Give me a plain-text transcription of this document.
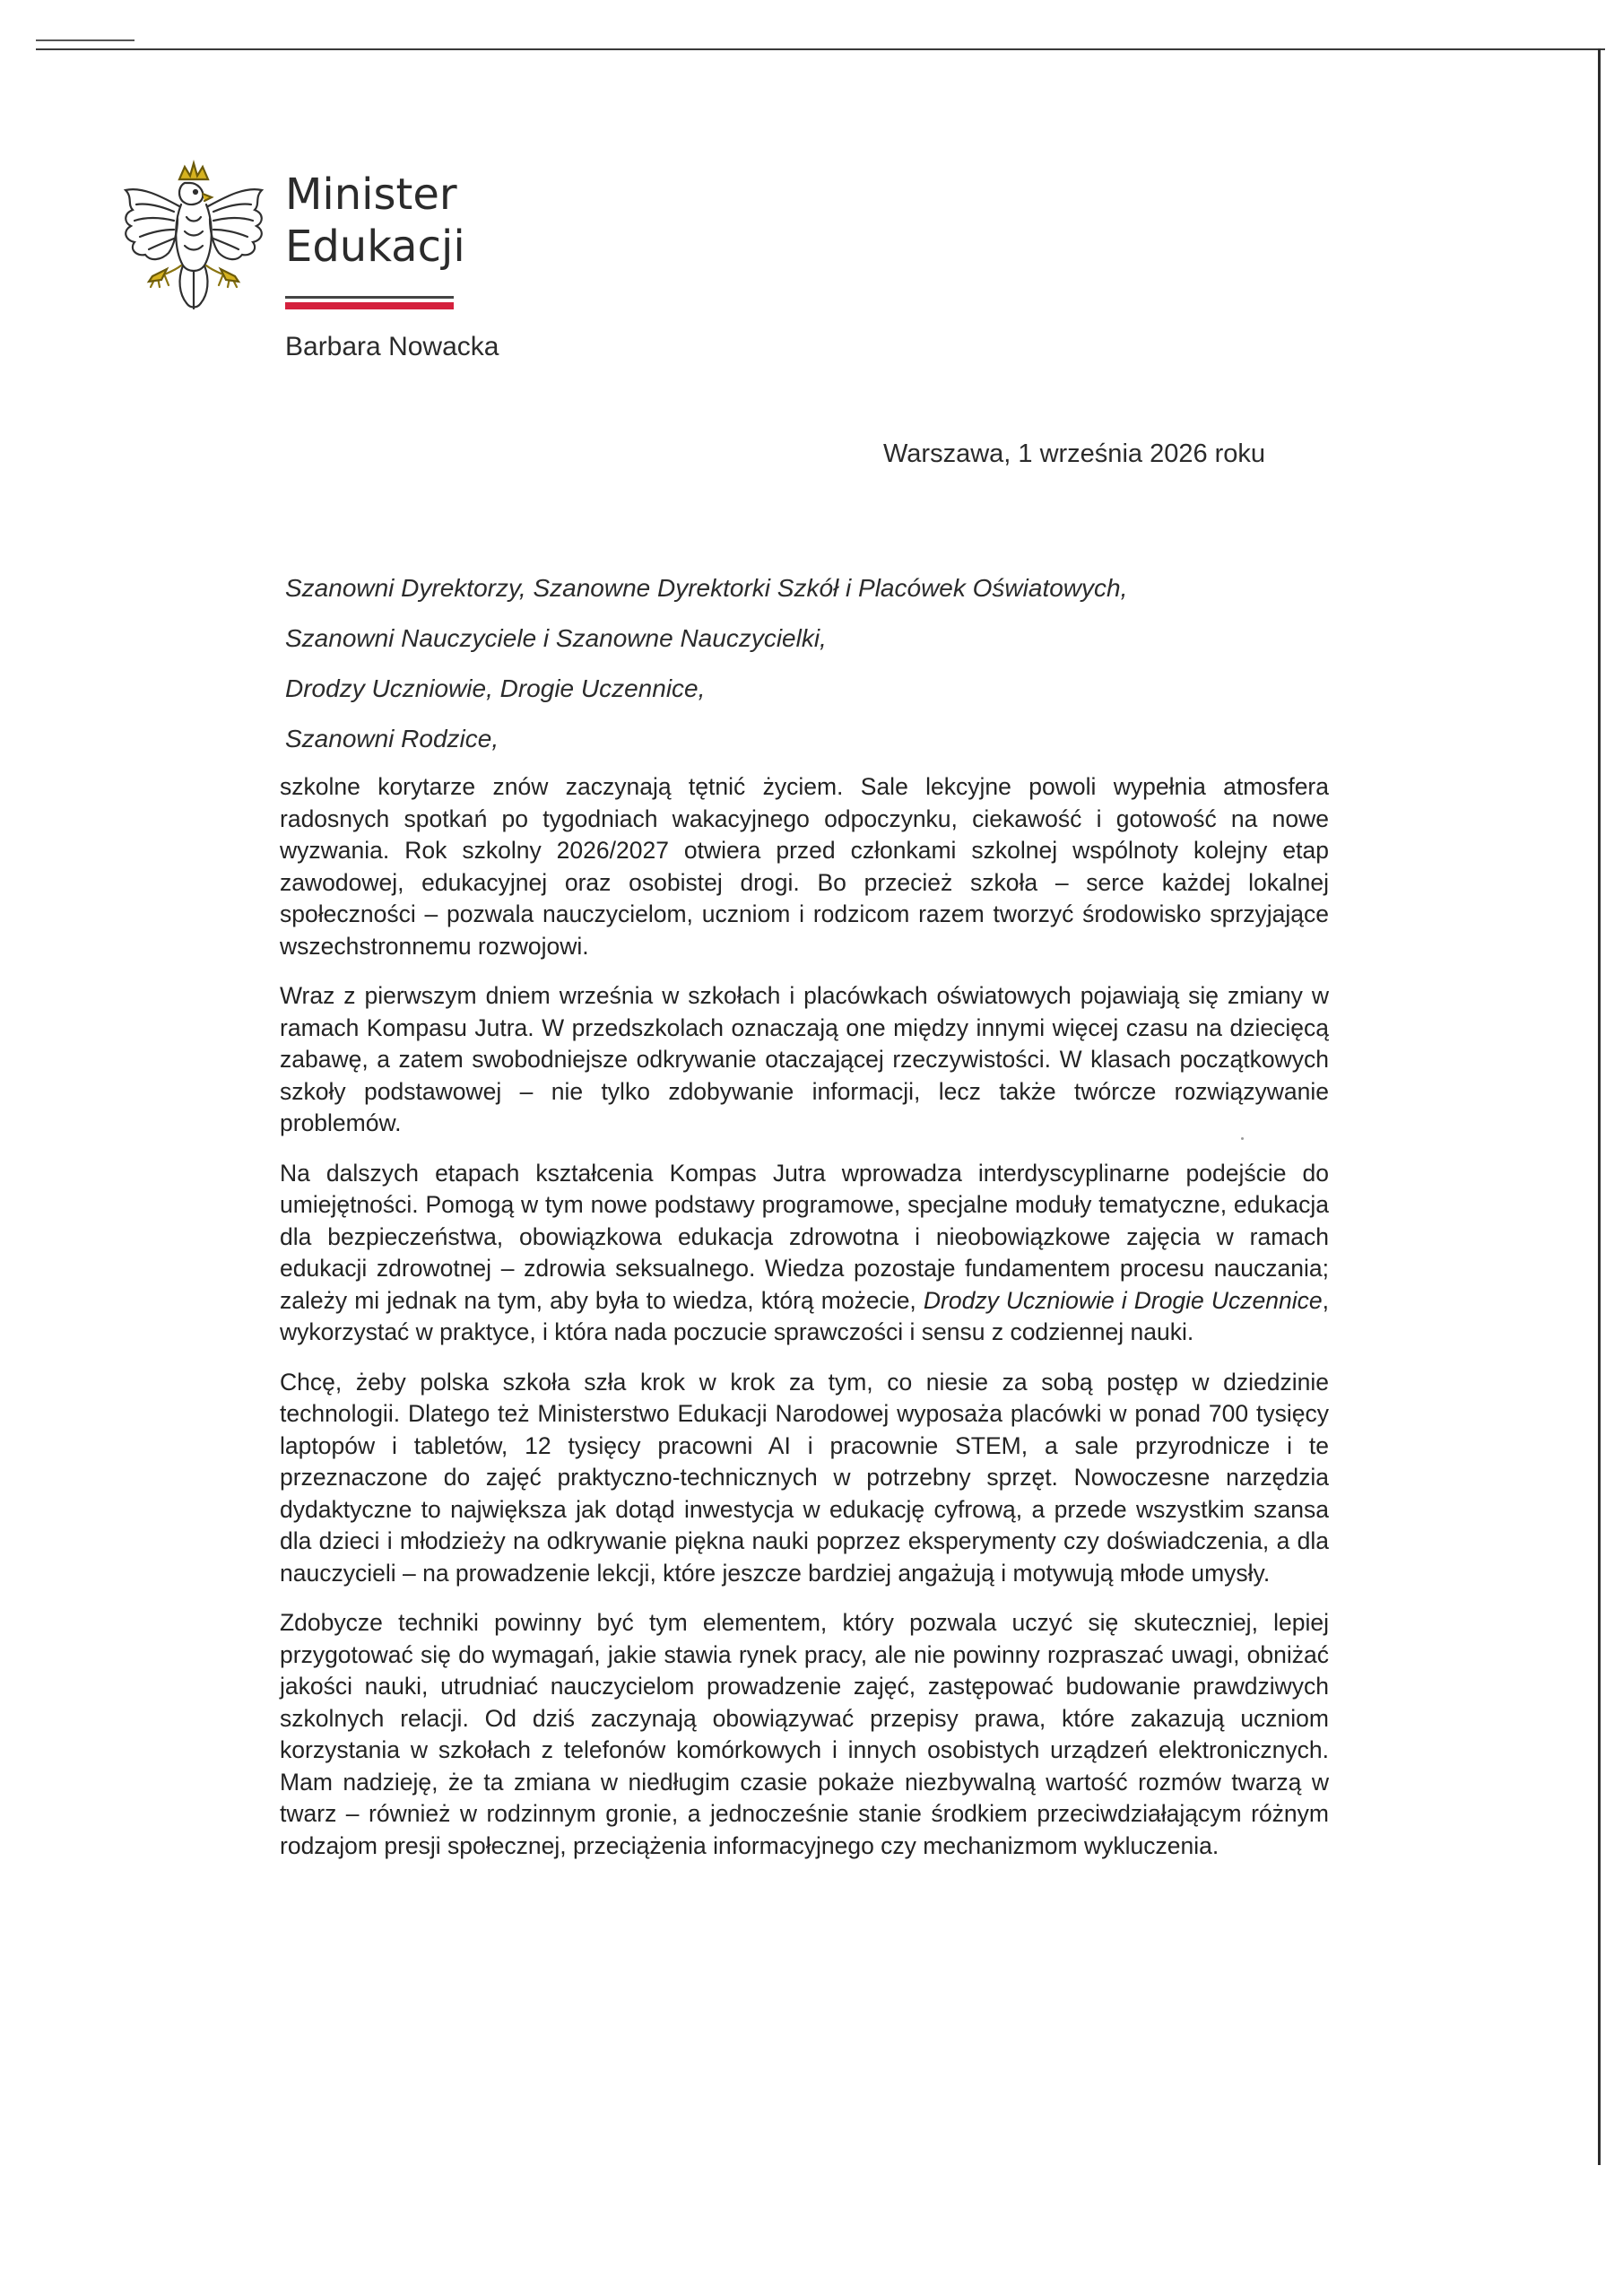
Minister
Edukacji
Barbara Nowacka
Warszawa, 1 września 2026 roku
Szanowni Dyrektorzy, Szanowne Dyrektorki Szkół i Placówek Oświatowych,
Szanowni Nauczyciele i Szanowne Nauczycielki,
Drodzy Uczniowie, Drogie Uczennice,
Szanowni Rodzice,

szkolne korytarze znów zaczynają tętnić życiem. Sale lekcyjne powoli wypełnia atmosfera radosnych spotkań po tygodniach wakacyjnego odpoczynku, ciekawość i gotowość na nowe wyzwania. Rok szkolny 2026/2027 otwiera przed członkami szkolnej wspólnoty kolejny etap zawodowej, edukacyjnej oraz osobistej drogi. Bo przecież szkoła – serce każdej lokalnej społeczności – pozwala nauczycielom, uczniom i rodzicom razem tworzyć środowisko sprzyjające wszechstronnemu rozwojowi.

Wraz z pierwszym dniem września w szkołach i placówkach oświatowych pojawiają się zmiany w ramach Kompasu Jutra. W przedszkolach oznaczają one między innymi więcej czasu na dziecięcą zabawę, a zatem swobodniejsze odkrywanie otaczającej rzeczywistości. W klasach początkowych szkoły podstawowej – nie tylko zdobywanie informacji, lecz także twórcze rozwiązywanie problemów.

Na dalszych etapach kształcenia Kompas Jutra wprowadza interdyscyplinarne podejście do umiejętności. Pomogą w tym nowe podstawy programowe, specjalne moduły tematyczne, edukacja dla bezpieczeństwa, obowiązkowa edukacja zdrowotna i nieobowiązkowe zajęcia w ramach edukacji zdrowotnej – zdrowia seksualnego. Wiedza pozostaje fundamentem procesu nauczania; zależy mi jednak na tym, aby była to wiedza, którą możecie, Drodzy Uczniowie i Drogie Uczennice, wykorzystać w praktyce, i która nada poczucie sprawczości i sensu z codziennej nauki.

Chcę, żeby polska szkoła szła krok w krok za tym, co niesie za sobą postęp w dziedzinie technologii. Dlatego też Ministerstwo Edukacji Narodowej wyposaża placówki w ponad 700 tysięcy laptopów i tabletów, 12 tysięcy pracowni AI i pracownie STEM, a sale przyrodnicze i te przeznaczone do zajęć praktyczno-technicznych w potrzebny sprzęt. Nowoczesne narzędzia dydaktyczne to największa jak dotąd inwestycja w edukację cyfrową, a przede wszystkim szansa dla dzieci i młodzieży na odkrywanie piękna nauki poprzez eksperymenty czy doświadczenia, a dla nauczycieli – na prowadzenie lekcji, które jeszcze bardziej angażują i motywują młode umysły.

Zdobycze techniki powinny być tym elementem, który pozwala uczyć się skuteczniej, lepiej przygotować się do wymagań, jakie stawia rynek pracy, ale nie powinny rozpraszać uwagi, obniżać jakości nauki, utrudniać nauczycielom prowadzenie zajęć, zastępować budowanie prawdziwych szkolnych relacji. Od dziś zaczynają obowiązywać przepisy prawa, które zakazują uczniom korzystania w szkołach z telefonów komórkowych i innych osobistych urządzeń elektronicznych. Mam nadzieję, że ta zmiana w niedługim czasie pokaże niezbywalną wartość rozmów twarzą w twarz – również w rodzinnym gronie, a jednocześnie stanie środkiem przeciwdziałającym różnym rodzajom presji społecznej, przeciążenia informacyjnego czy mechanizmom wykluczenia.
